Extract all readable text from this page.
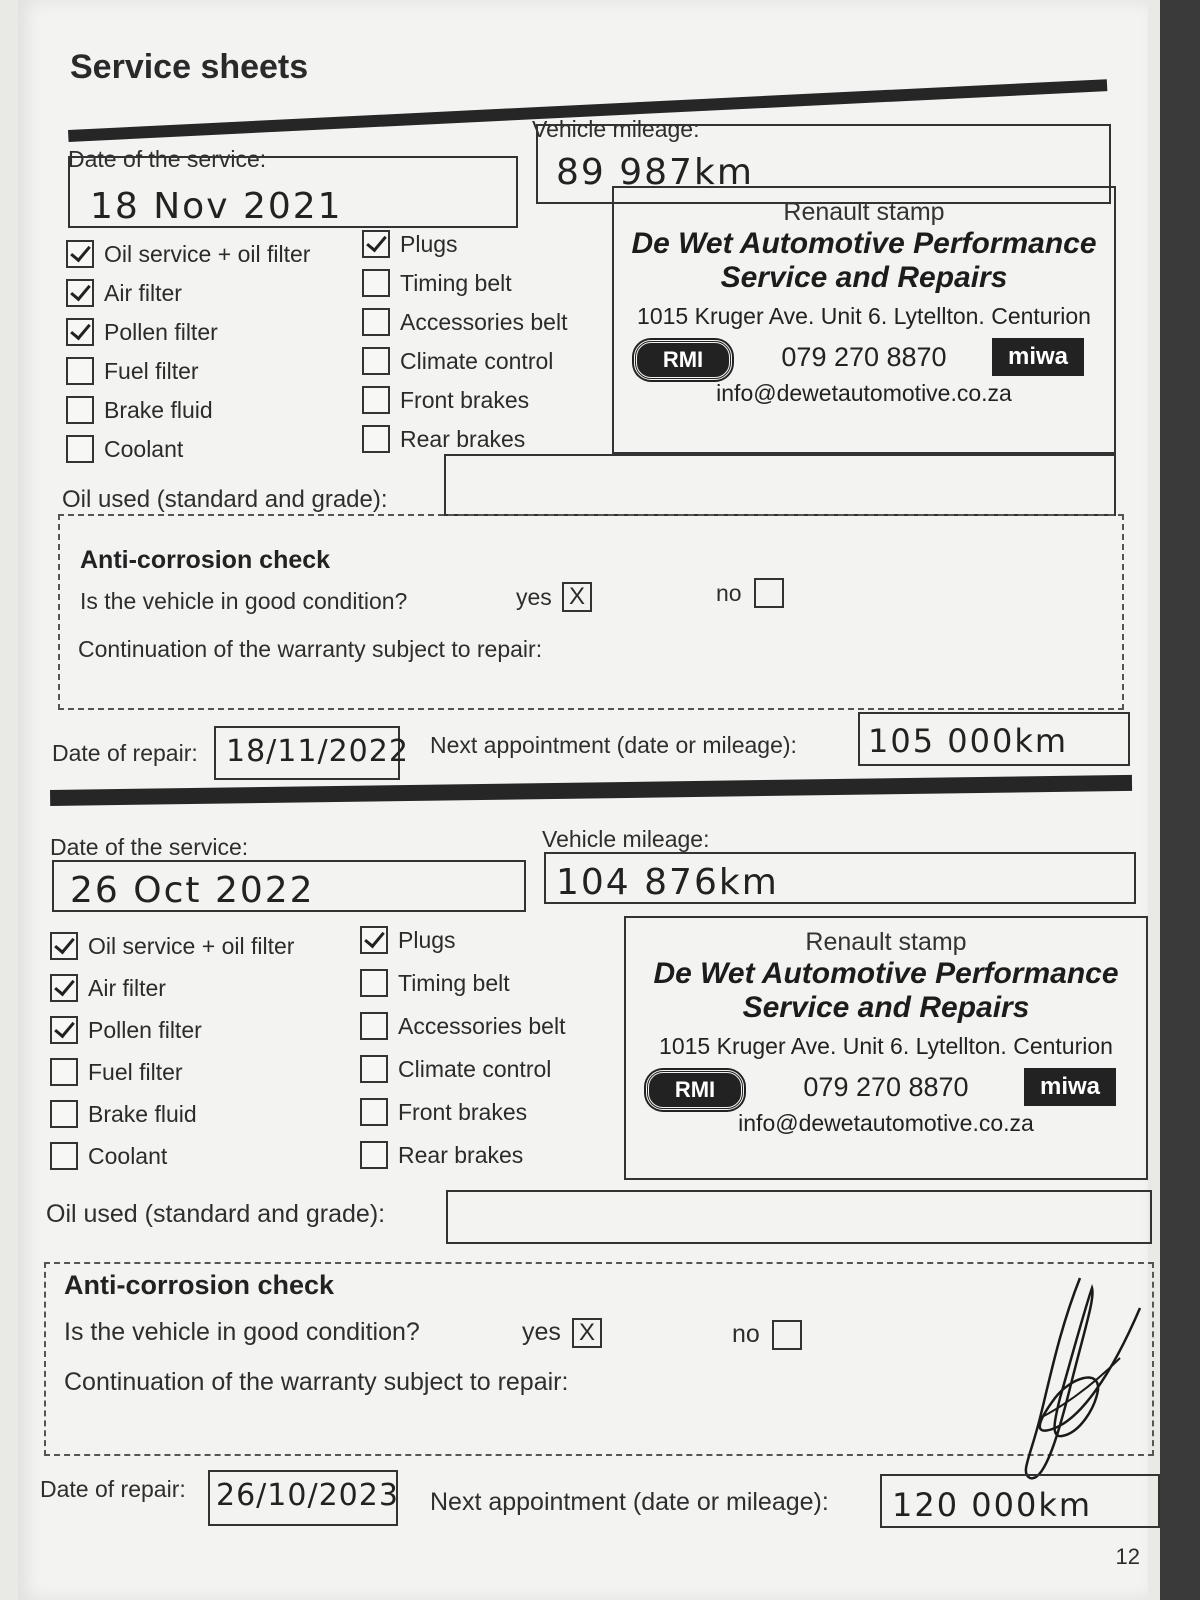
Service sheets
Date of the service:
18 Nov 2021
Vehicle mileage:
89 987km
Oil service + oil filter
Air filter
Pollen filter
Fuel filter
Brake fluid
Coolant
Plugs
Timing belt
Accessories belt
Climate control
Front brakes
Rear brakes
Renault stamp
De Wet Automotive Performance
Service and Repairs
1015 Kruger Ave. Unit 6. Lytellton. Centurion
RMI	079 270 8870	miwa
info@dewetautomotive.co.za
Oil used (standard and grade):
Anti-corrosion check
Is the vehicle in good condition?	yes X	no
Continuation of the warranty subject to repair:
Date of repair: 18/11/2022 Next appointment (date or mileage): 105 000km
Date of the service:
26 Oct 2022
Vehicle mileage:
104 876km
Oil service + oil filter
Air filter
Pollen filter
Fuel filter
Brake fluid
Coolant
Plugs
Timing belt
Accessories belt
Climate control
Front brakes
Rear brakes
Renault stamp
De Wet Automotive Performance
Service and Repairs
1015 Kruger Ave. Unit 6. Lytellton. Centurion
RMI	079 270 8870	miwa
info@dewetautomotive.co.za
Oil used (standard and grade):
Anti-corrosion check
Is the vehicle in good condition?	yes X	no
Continuation of the warranty subject to repair:
Date of repair: 26/10/2023 Next appointment (date or mileage): 120 000km
12
